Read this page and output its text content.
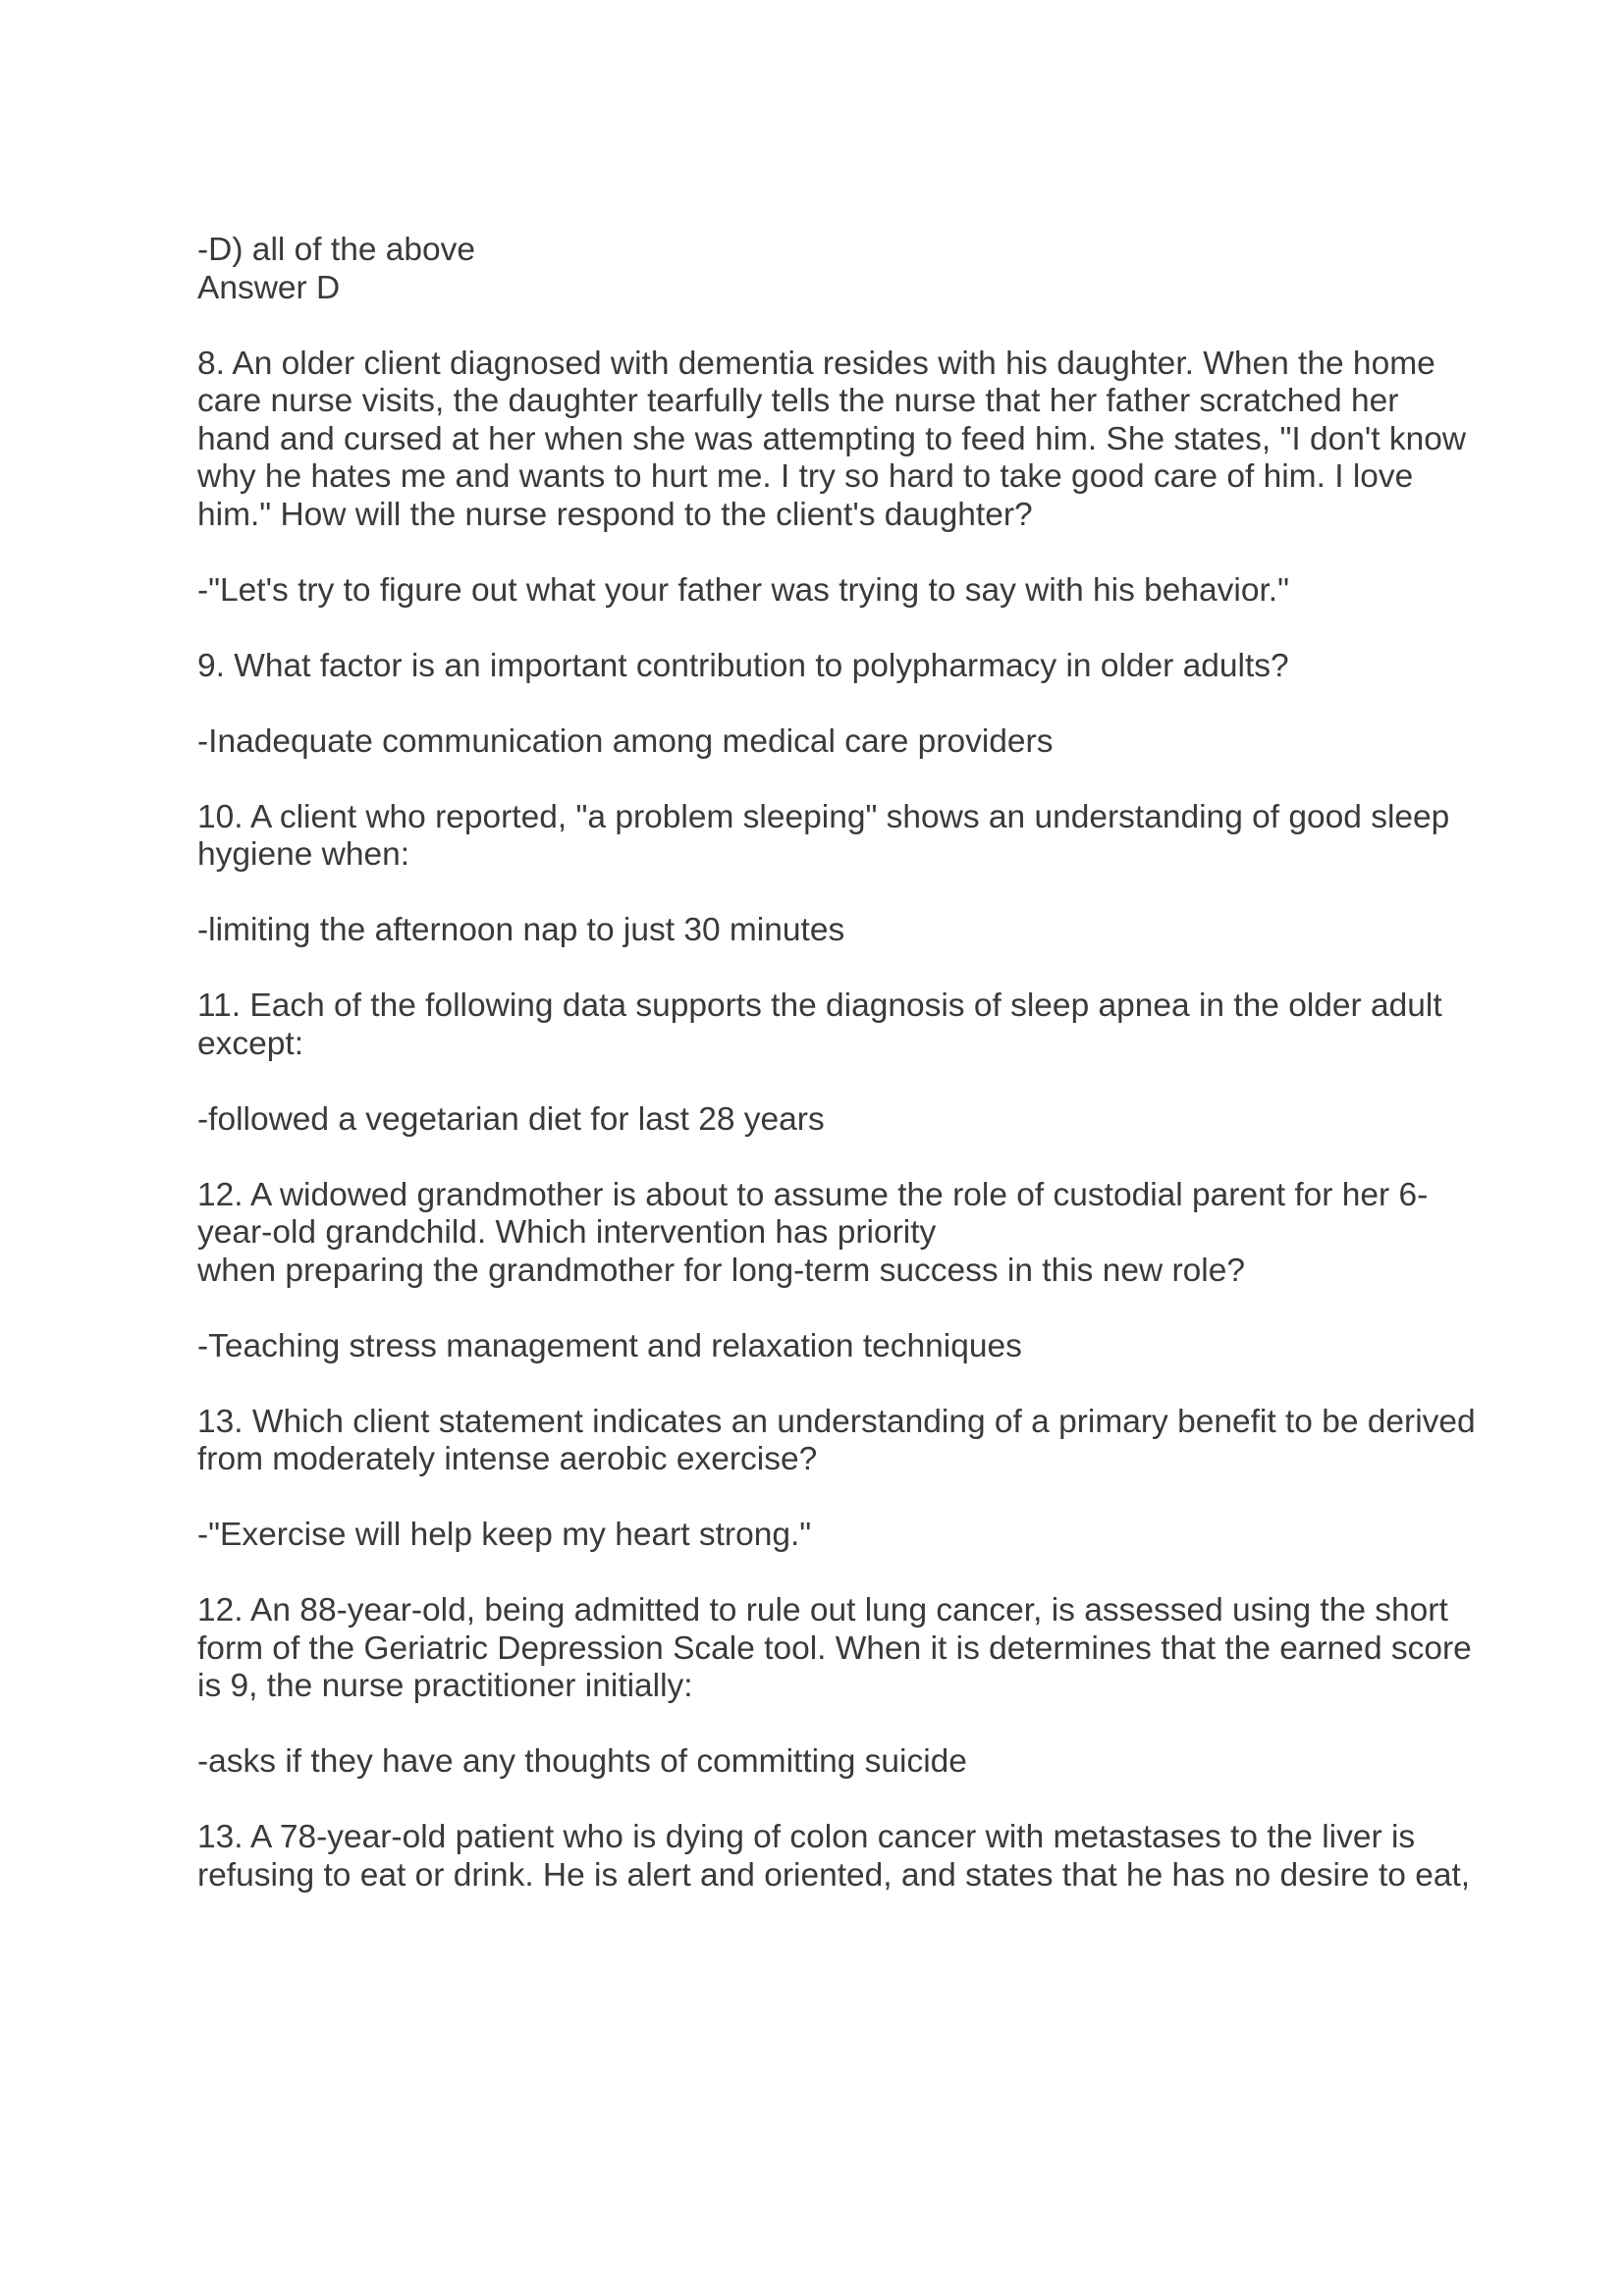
-D) all of the above
Answer D

8. An older client diagnosed with dementia resides with his daughter. When the home
care nurse visits, the daughter tearfully tells the nurse that her father scratched her
hand and cursed at her when she was attempting to feed him. She states, "I don't know
why he hates me and wants to hurt me. I try so hard to take good care of him. I love
him." How will the nurse respond to the client's daughter?

-"Let's try to figure out what your father was trying to say with his behavior."

9. What factor is an important contribution to polypharmacy in older adults?

-Inadequate communication among medical care providers

10. A client who reported, "a problem sleeping" shows an understanding of good sleep
hygiene when:

-limiting the afternoon nap to just 30 minutes

11. Each of the following data supports the diagnosis of sleep apnea in the older adult
except:

-followed a vegetarian diet for last 28 years

12. A widowed grandmother is about to assume the role of custodial parent for her 6-
year-old grandchild. Which intervention has priority
when preparing the grandmother for long-term success in this new role?

-Teaching stress management and relaxation techniques

13. Which client statement indicates an understanding of a primary benefit to be derived
from moderately intense aerobic exercise?

-"Exercise will help keep my heart strong."

12. An 88-year-old, being admitted to rule out lung cancer, is assessed using the short
form of the Geriatric Depression Scale tool. When it is determines that the earned score
is 9, the nurse practitioner initially:

-asks if they have any thoughts of committing suicide

13. A 78-year-old patient who is dying of colon cancer with metastases to the liver is
refusing to eat or drink. He is alert and oriented, and states that he has no desire to eat,
